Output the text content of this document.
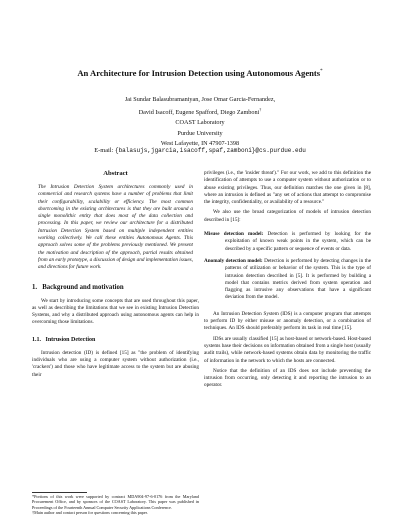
An Architecture for Intrusion Detection using Autonomous Agents*
Jai Sundar Balasubramaniyan, Jose Omar Garcia-Fernandez,
David Isacoff, Eugene Spafford, Diego Zamboni†
COAST Laboratory
Purdue University
West Lafayette, IN 47907-1398
E-mail: {balasujs,jgarcia,isacoff,spaf,zamboni}@cs.purdue.edu
Abstract

The Intrusion Detection System architectures commonly used in commercial and research systems have a number of problems that limit their configurability, scalability or efficiency. The most common shortcoming in the existing architectures is that they are built around a single monolithic entity that does most of the data collection and processing. In this paper, we review our architecture for a distributed Intrusion Detection System based on multiple independent entities working collectively. We call these entities Autonomous Agents. This approach solves some of the problems previously mentioned. We present the motivation and description of the approach, partial results obtained from an early prototype, a discussion of design and implementation issues, and directions for future work.

1.   Background and motivation

We start by introducing some concepts that are used throughout this paper, as well as describing the limitations that we see in existing Intrusion Detection Systems, and why a distributed approach using autonomous agents can help in overcoming those limitations.

1.1.   Intrusion Detection

Intrusion detection (ID) is defined [15] as "the problem of identifying individuals who are using a computer system without authorization (i.e., 'crackers') and those who have legitimate access to the system but are abusing their

*Portions of this work were supported by contract MDA904-97-6-0176 from the Maryland Procurement Office, and by sponsors of the COAST Laboratory. This paper was published in Proceedings of the Fourteenth Annual Computer Security Applications Conference.
†Main author and contact person for questions concerning this paper.

privileges (i.e., the 'insider threat')." For our work, we add to this definition the identification of attempts to use a computer system without authorization or to abuse existing privileges. Thus, our definition matches the one given in [8], where an intrusion is defined as "any set of actions that attempt to compromise the integrity, confidentiality, or availability of a resource."

We also use the broad categorization of models of intrusion detection described in [15]:

Misuse detection model: Detection is performed by looking for the exploitation of known weak points in the system, which can be described by a specific pattern or sequence of events or data.

Anomaly detection model: Detection is performed by detecting changes in the patterns of utilization or behavior of the system. This is the type of intrusion detection described in [5]. It is performed by building a model that contains metrics derived from system operation and flagging as intrusive any observations that have a significant deviation from the model.

An Intrusion Detection System (IDS) is a computer program that attempts to perform ID by either misuse or anomaly detection, or a combination of techniques. An IDS should preferably perform its task in real time [15].

IDSs are usually classified [15] as host-based or network-based. Host-based systems base their decisions on information obtained from a single host (usually audit trails), while network-based systems obtain data by monitoring the traffic of information in the network to which the hosts are connected.

Notice that the definition of an IDS does not include preventing the intrusion from occurring, only detecting it and reporting the intrusion to an operator.
